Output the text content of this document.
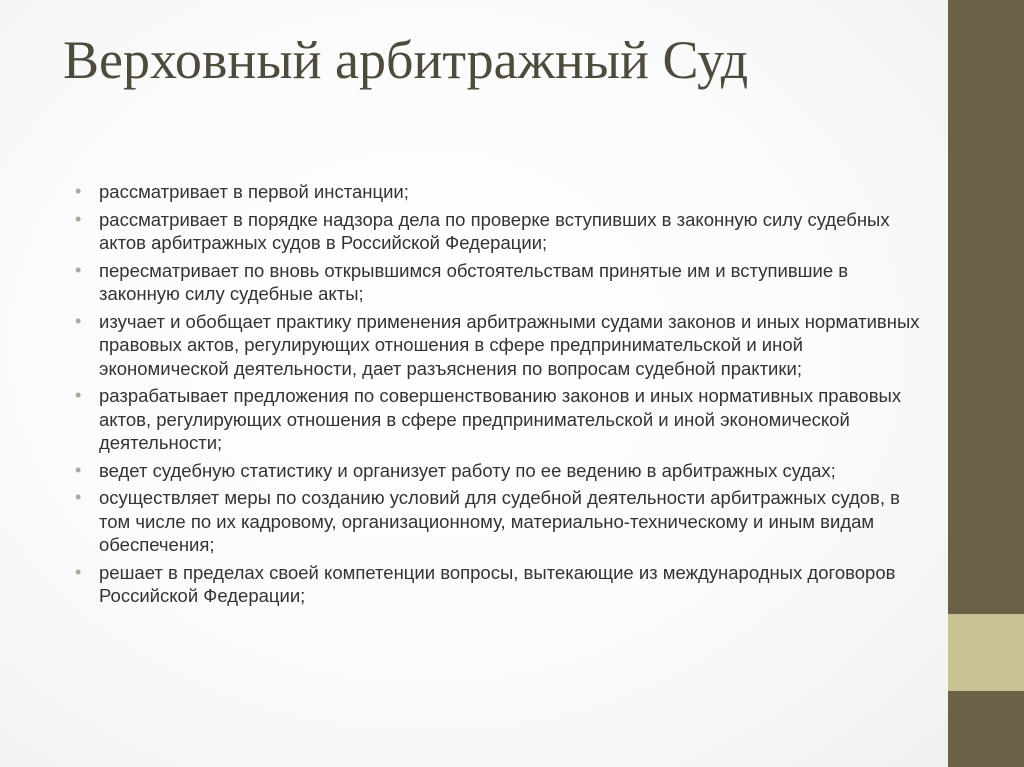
Верховный арбитражный Суд
• рассматривает в первой инстанции;
• рассматривает в порядке надзора дела по проверке вступивших в законную силу судебных актов арбитражных судов в Российской Федерации;
• пересматривает по вновь открывшимся обстоятельствам принятые им и вступившие в законную силу судебные акты;
• изучает и обобщает практику применения арбитражными судами законов и иных нормативных правовых актов, регулирующих отношения в сфере предпринимательской и иной экономической деятельности, дает разъяснения по вопросам судебной практики;
• разрабатывает предложения по совершенствованию законов и иных нормативных правовых актов, регулирующих отношения в сфере предпринимательской и иной экономической деятельности;
• ведет судебную статистику и организует работу по ее ведению в арбитражных судах;
• осуществляет меры по созданию условий для судебной деятельности арбитражных судов, в том числе по их кадровому, организационному, материально-техническому и иным видам обеспечения;
• решает в пределах своей компетенции вопросы, вытекающие из международных договоров Российской Федерации;
